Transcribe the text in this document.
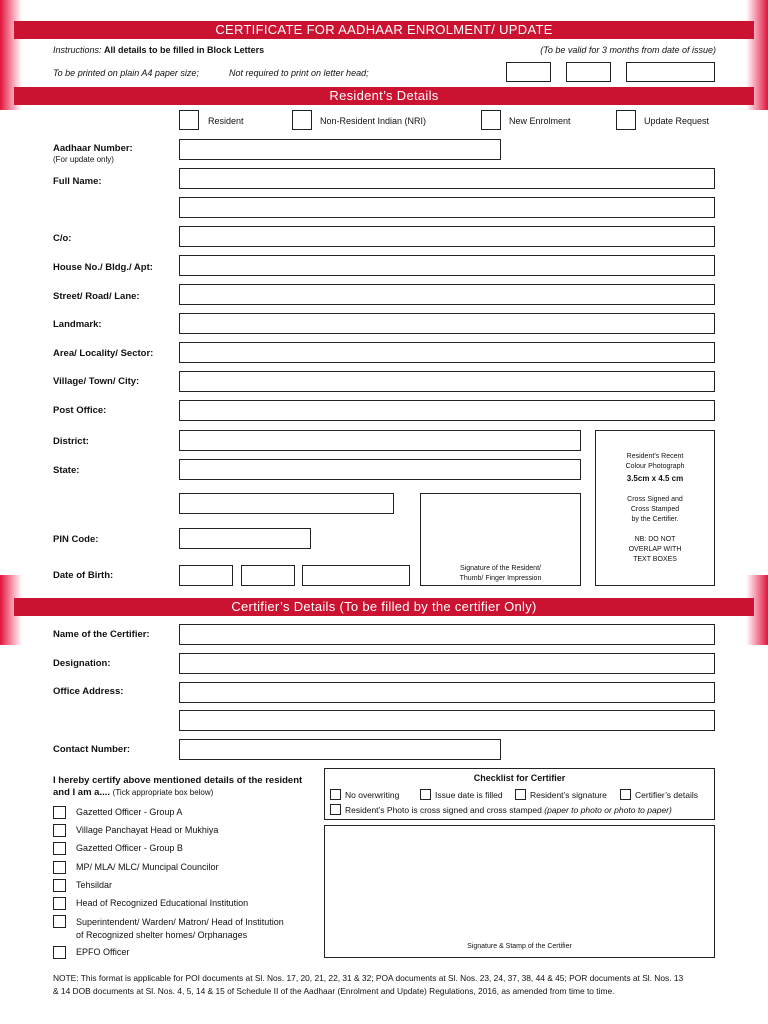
CERTIFICATE FOR AADHAAR ENROLMENT/ UPDATE
Instructions: All details to be filled in Block Letters	(To be valid for 3 months from date of issue)
To be printed on plain A4 paper size;	Not required to print on letter head;
Resident’s Details
Resident	Non-Resident Indian (NRI)	New Enrolment	Update Request
Aadhaar Number:
(For update only)
Full Name:
C/o:
House No./ Bldg./ Apt:
Street/ Road/ Lane:
Landmark:
Area/ Locality/ Sector:
Village/ Town/ City:
Post Office:
District:
State:
PIN Code:
Date of Birth:
Signature of the Resident/
Thumb/ Finger Impression
Resident’s Recent
Colour Photograph
3.5cm x 4.5 cm

Cross Signed and
Cross Stamped
by the Certifier.

NB: DO NOT
OVERLAP WITH
TEXT BOXES
Certifier’s Details (To be filled by the certifier Only)
Name of the Certifier:
Designation:
Office Address:
Contact Number:
I hereby certify above mentioned details of the resident
and I am a.... (Tick appropriate box below)
Gazetted Officer - Group A
Village Panchayat Head or Mukhiya
Gazetted Officer - Group B
MP/ MLA/ MLC/ Muncipal Councilor
Tehsildar
Head of Recognized Educational Institution
Superintendent/ Warden/ Matron/ Head of Institution
of Recognized shelter homes/ Orphanages
EPFO Officer
Checklist for Certifier
No overwriting	Issue date is filled	Resident’s signature	Certifier’s details
Resident’s Photo is cross signed and cross stamped (paper to photo or photo to paper)
Signature & Stamp of the Certifier
NOTE: This format is applicable for POI documents at Sl. Nos. 17, 20, 21, 22, 31 & 32; POA documents at Sl. Nos. 23, 24, 37, 38, 44 & 45; POR documents at Sl. Nos. 13
& 14 DOB documents at Sl. Nos. 4, 5, 14 & 15 of Schedule II of the Aadhaar (Enrolment and Update) Regulations, 2016, as amended from time to time.
